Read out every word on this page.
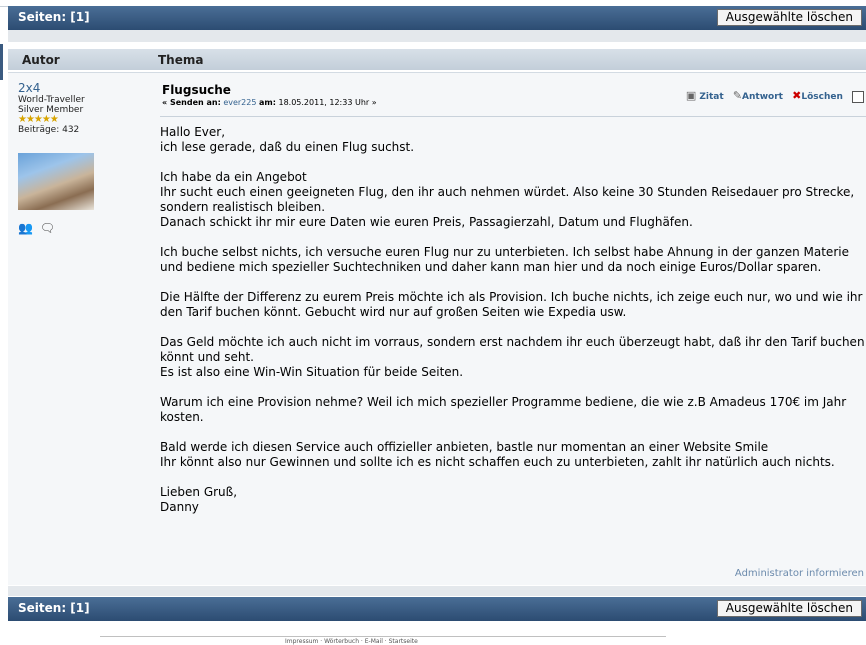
Seiten: [1]	Ausgewählte löschen
Autor	Thema
2x4
World-Traveller
Silver Member
★★★★★
Beiträge: 432
👥 🗨
Flugsuche
« Senden an: ever225 am: 18.05.2011, 12:33 Uhr »
▣ Zitat ✎Antwort ✖Löschen

Hallo Ever,
ich lese gerade, daß du einen Flug suchst.

Ich habe da ein Angebot
Ihr sucht euch einen geeigneten Flug, den ihr auch nehmen würdet. Also keine 30 Stunden Reisedauer pro Strecke, sondern realistisch bleiben.
Danach schickt ihr mir eure Daten wie euren Preis, Passagierzahl, Datum und Flughäfen.

Ich buche selbst nichts, ich versuche euren Flug nur zu unterbieten. Ich selbst habe Ahnung in der ganzen Materie und bediene mich spezieller Suchtechniken und daher kann man hier und da noch einige Euros/Dollar sparen.

Die Hälfte der Differenz zu eurem Preis möchte ich als Provision. Ich buche nichts, ich zeige euch nur, wo und wie ihr den Tarif buchen könnt. Gebucht wird nur auf großen Seiten wie Expedia usw.

Das Geld möchte ich auch nicht im vorraus, sondern erst nachdem ihr euch überzeugt habt, daß ihr den Tarif buchen könnt und seht.
Es ist also eine Win-Win Situation für beide Seiten.

Warum ich eine Provision nehme? Weil ich mich spezieller Programme bediene, die wie z.B Amadeus 170€ im Jahr kosten.

Bald werde ich diesen Service auch offizieller anbieten, bastle nur momentan an einer Website Smile
Ihr könnt also nur Gewinnen und sollte ich es nicht schaffen euch zu unterbieten, zahlt ihr natürlich auch nichts.

Lieben Gruß,
Danny

Administrator informieren
Seiten: [1]	Ausgewählte löschen
Impressum · Wörterbuch · E-Mail · Startseite
